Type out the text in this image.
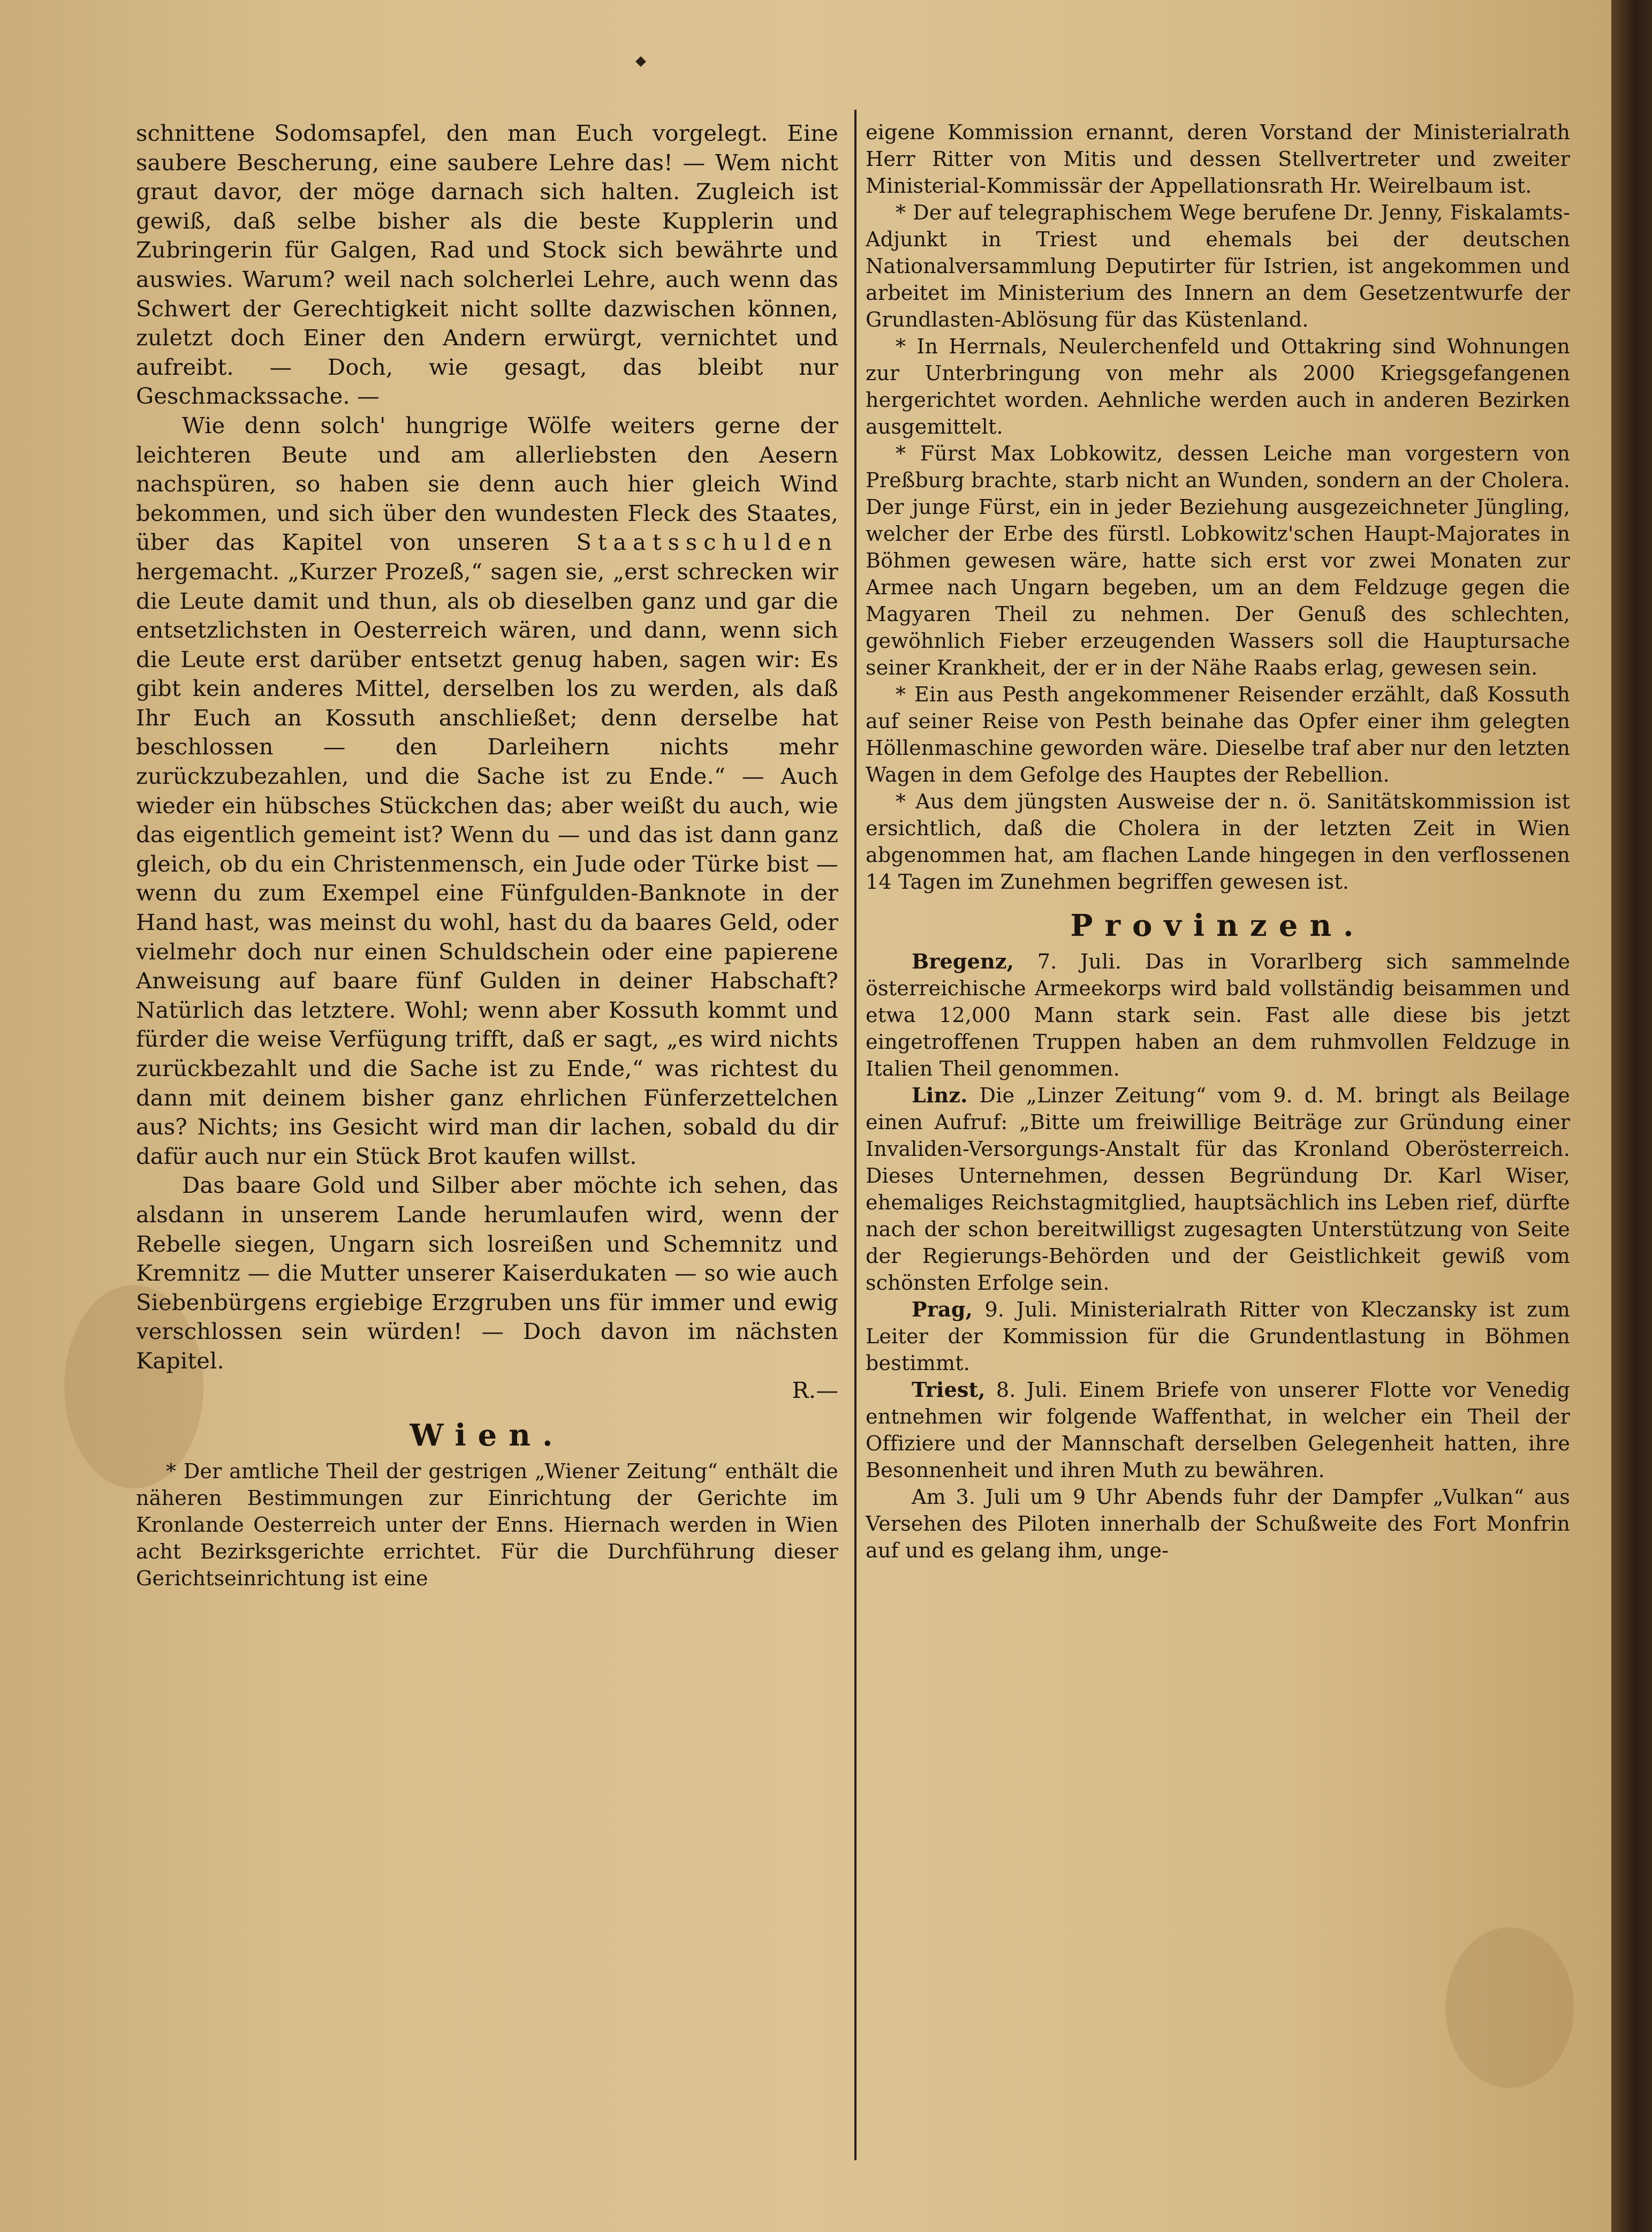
schnittene Sodomsapfel, den man Euch vorgelegt. Eine saubere Bescherung, eine saubere Lehre das! — Wem nicht graut davor, der möge darnach sich halten. Zugleich ist gewiß, daß selbe bisher als die beste Kupplerin und Zubringerin für Galgen, Rad und Stock sich bewährte und auswies. Warum? weil nach solcherlei Lehre, auch wenn das Schwert der Gerechtigkeit nicht sollte dazwischen können, zuletzt doch Einer den Andern erwürgt, vernichtet und aufreibt. — Doch, wie gesagt, das bleibt nur Geschmackssache. —

Wie denn solch' hungrige Wölfe weiters gerne der leichteren Beute und am allerliebsten den Aesern nachspüren, so haben sie denn auch hier gleich Wind bekommen, und sich über den wundesten Fleck des Staates, über das Kapitel von unseren Staatsschulden hergemacht. „Kurzer Prozeß,“ sagen sie, „erst schrecken wir die Leute damit und thun, als ob dieselben ganz und gar die entsetzlichsten in Oesterreich wären, und dann, wenn sich die Leute erst darüber entsetzt genug haben, sagen wir: Es gibt kein anderes Mittel, derselben los zu werden, als daß Ihr Euch an Kossuth anschließet; denn derselbe hat beschlossen — den Darleihern nichts mehr zurückzubezahlen, und die Sache ist zu Ende.“ — Auch wieder ein hübsches Stückchen das; aber weißt du auch, wie das eigentlich gemeint ist? Wenn du — und das ist dann ganz gleich, ob du ein Christenmensch, ein Jude oder Türke bist — wenn du zum Exempel eine Fünfgulden-Banknote in der Hand hast, was meinst du wohl, hast du da baares Geld, oder vielmehr doch nur einen Schuldschein oder eine papierene Anweisung auf baare fünf Gulden in deiner Habschaft? Natürlich das letztere. Wohl; wenn aber Kossuth kommt und fürder die weise Verfügung trifft, daß er sagt, „es wird nichts zurückbezahlt und die Sache ist zu Ende,“ was richtest du dann mit deinem bisher ganz ehrlichen Fünferzettelchen aus? Nichts; ins Gesicht wird man dir lachen, sobald du dir dafür auch nur ein Stück Brot kaufen willst.

Das baare Gold und Silber aber möchte ich sehen, das alsdann in unserem Lande herumlaufen wird, wenn der Rebelle siegen, Ungarn sich losreißen und Schemnitz und Kremnitz — die Mutter unserer Kaiserdukaten — so wie auch Siebenbürgens ergiebige Erzgruben uns für immer und ewig verschlossen sein würden! — Doch davon im nächsten Kapitel.

R.—
Wien.

* Der amtliche Theil der gestrigen „Wiener Zeitung“ enthält die näheren Bestimmungen zur Einrichtung der Gerichte im Kronlande Oesterreich unter der Enns. Hiernach werden in Wien acht Bezirksgerichte errichtet. Für die Durchführung dieser Gerichtseinrichtung ist eine

eigene Kommission ernannt, deren Vorstand der Ministerialrath Herr Ritter von Mitis und dessen Stellvertreter und zweiter Ministerial-Kommissär der Appellationsrath Hr. Weirelbaum ist.

* Der auf telegraphischem Wege berufene Dr. Jenny, Fiskalamts-Adjunkt in Triest und ehemals bei der deutschen Nationalversammlung Deputirter für Istrien, ist angekommen und arbeitet im Ministerium des Innern an dem Gesetzentwurfe der Grundlasten-Ablösung für das Küstenland.

* In Herrnals, Neulerchenfeld und Ottakring sind Wohnungen zur Unterbringung von mehr als 2000 Kriegsgefangenen hergerichtet worden. Aehnliche werden auch in anderen Bezirken ausgemittelt.

* Fürst Max Lobkowitz, dessen Leiche man vorgestern von Preßburg brachte, starb nicht an Wunden, sondern an der Cholera. Der junge Fürst, ein in jeder Beziehung ausgezeichneter Jüngling, welcher der Erbe des fürstl. Lobkowitz'schen Haupt-Majorates in Böhmen gewesen wäre, hatte sich erst vor zwei Monaten zur Armee nach Ungarn begeben, um an dem Feldzuge gegen die Magyaren Theil zu nehmen. Der Genuß des schlechten, gewöhnlich Fieber erzeugenden Wassers soll die Hauptursache seiner Krankheit, der er in der Nähe Raabs erlag, gewesen sein.

* Ein aus Pesth angekommener Reisender erzählt, daß Kossuth auf seiner Reise von Pesth beinahe das Opfer einer ihm gelegten Höllenmaschine geworden wäre. Dieselbe traf aber nur den letzten Wagen in dem Gefolge des Hauptes der Rebellion.

* Aus dem jüngsten Ausweise der n. ö. Sanitätskommission ist ersichtlich, daß die Cholera in der letzten Zeit in Wien abgenommen hat, am flachen Lande hingegen in den verflossenen 14 Tagen im Zunehmen begriffen gewesen ist.

Provinzen.

Bregenz, 7. Juli. Das in Vorarlberg sich sammelnde österreichische Armeekorps wird bald vollständig beisammen und etwa 12,000 Mann stark sein. Fast alle diese bis jetzt eingetroffenen Truppen haben an dem ruhmvollen Feldzuge in Italien Theil genommen.

Linz. Die „Linzer Zeitung“ vom 9. d. M. bringt als Beilage einen Aufruf: „Bitte um freiwillige Beiträge zur Gründung einer Invaliden-Versorgungs-Anstalt für das Kronland Oberösterreich. Dieses Unternehmen, dessen Begründung Dr. Karl Wiser, ehemaliges Reichstagmitglied, hauptsächlich ins Leben rief, dürfte nach der schon bereitwilligst zugesagten Unterstützung von Seite der Regierungs-Behörden und der Geistlichkeit gewiß vom schönsten Erfolge sein.

Prag, 9. Juli. Ministerialrath Ritter von Kleczansky ist zum Leiter der Kommission für die Grundentlastung in Böhmen bestimmt.

Triest, 8. Juli. Einem Briefe von unserer Flotte vor Venedig entnehmen wir folgende Waffenthat, in welcher ein Theil der Offiziere und der Mannschaft derselben Gelegenheit hatten, ihre Besonnenheit und ihren Muth zu bewähren.

Am 3. Juli um 9 Uhr Abends fuhr der Dampfer „Vulkan“ aus Versehen des Piloten innerhalb der Schußweite des Fort Monfrin auf und es gelang ihm, unge-
